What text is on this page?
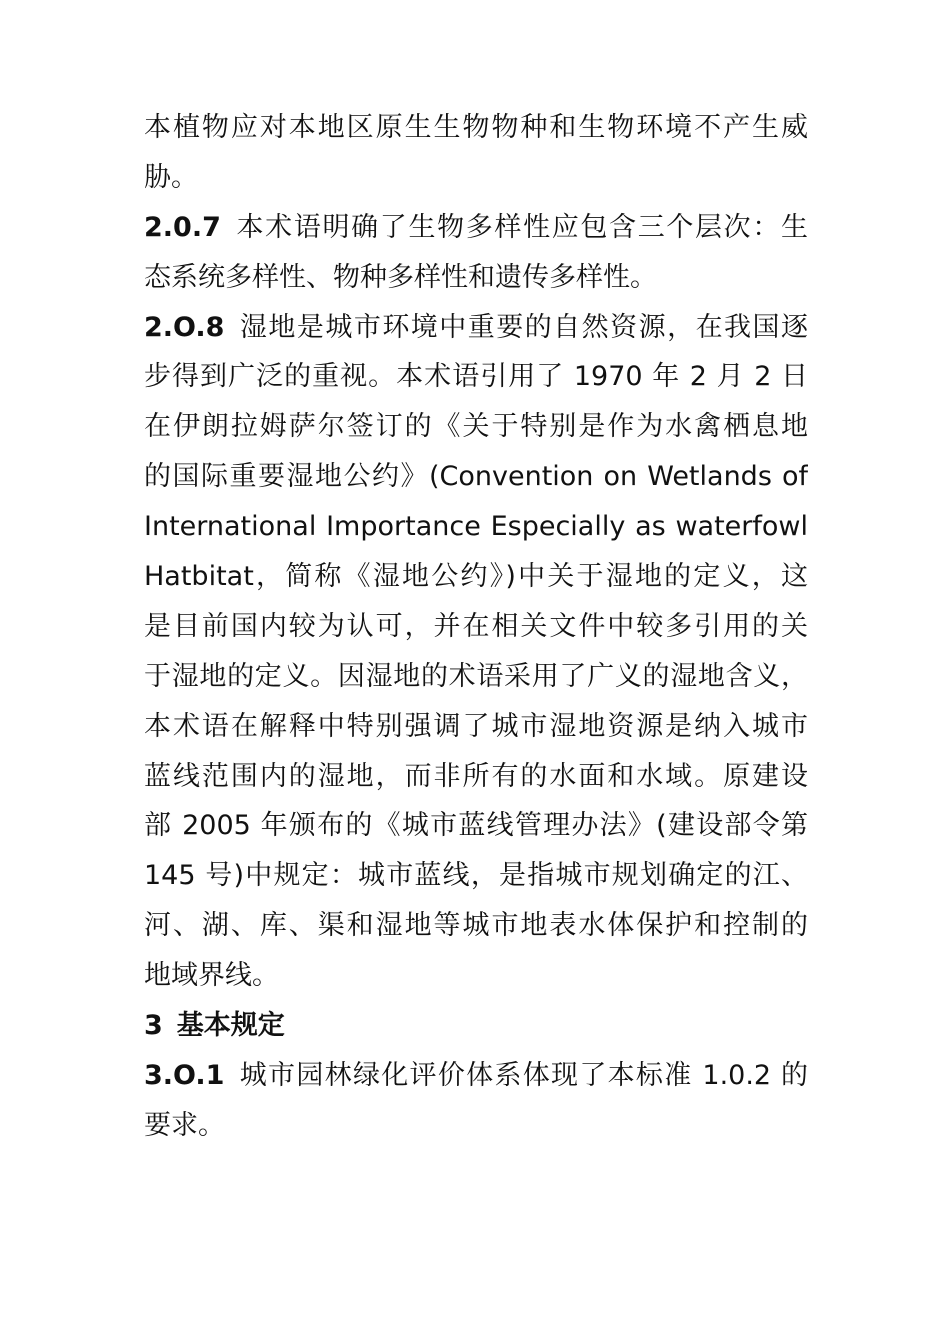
本植物应对本地区原生生物物种和生物环境不产生威
胁。
2.0.7 本术语明确了生物多样性应包含三个层次：生
态系统多样性、物种多样性和遗传多样性。
2.O.8 湿地是城市环境中重要的自然资源，在我国逐
步得到广泛的重视。本术语引用了 1970 年 2 月 2 日
在伊朗拉姆萨尔签订的《关于特别是作为水禽栖息地
的国际重要湿地公约》(Convention on Wetlands of
International Importance Especially as waterfowl
Hatbitat，简称《湿地公约》)中关于湿地的定义，这
是目前国内较为认可，并在相关文件中较多引用的关
于湿地的定义。因湿地的术语采用了广义的湿地含义，
本术语在解释中特别强调了城市湿地资源是纳入城市
蓝线范围内的湿地，而非所有的水面和水域。原建设
部 2005 年颁布的《城市蓝线管理办法》(建设部令第
145 号)中规定：城市蓝线，是指城市规划确定的江、
河、湖、库、渠和湿地等城市地表水体保护和控制的
地域界线。
3 基本规定
3.O.1 城市园林绿化评价体系体现了本标准 1.0.2 的
要求。
